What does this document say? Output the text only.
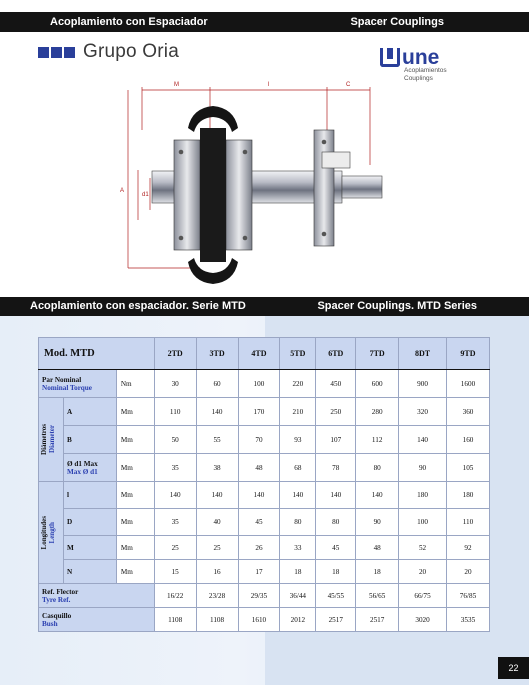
Acoplamiento con Espaciador	Spacer Couplings
Grupo Oria	une
Acoplamientos
Couplings
M	l	C
A
d1
Acoplamiento con espaciador. Serie MTD	Spacer Couplings. MTD Series
Mod. MTD			2TD	3TD	4TD	5TD	6TD	7TD	8DT	9TD
Par Nominal
Nominal Torque		Nm	30	60	100	220	450	600	900	1600

Diámetros
Diameter	A	Mm	110	140	170	210	250	280	320	360
	B	Mm	50	55	70	93	107	112	140	160
	Ø d1 Max
Max Ø d1	Mm	35	38	48	68	78	80	90	105

Longitudes
Length	l	Mm	140	140	140	140	140	140	180	180
	D	Mm	35	40	45	80	80	90	100	110
	M	Mm	25	25	26	33	45	48	52	92
	N	Mm	15	16	17	18	18	18	20	20
Ref. Flector
Tyre Ref.			16/22	23/28	29/35	36/44	45/55	56/65	66/75	76/85
Casquillo
Bush			1108	1108	1610	2012	2517	2517	3020	3535
22
